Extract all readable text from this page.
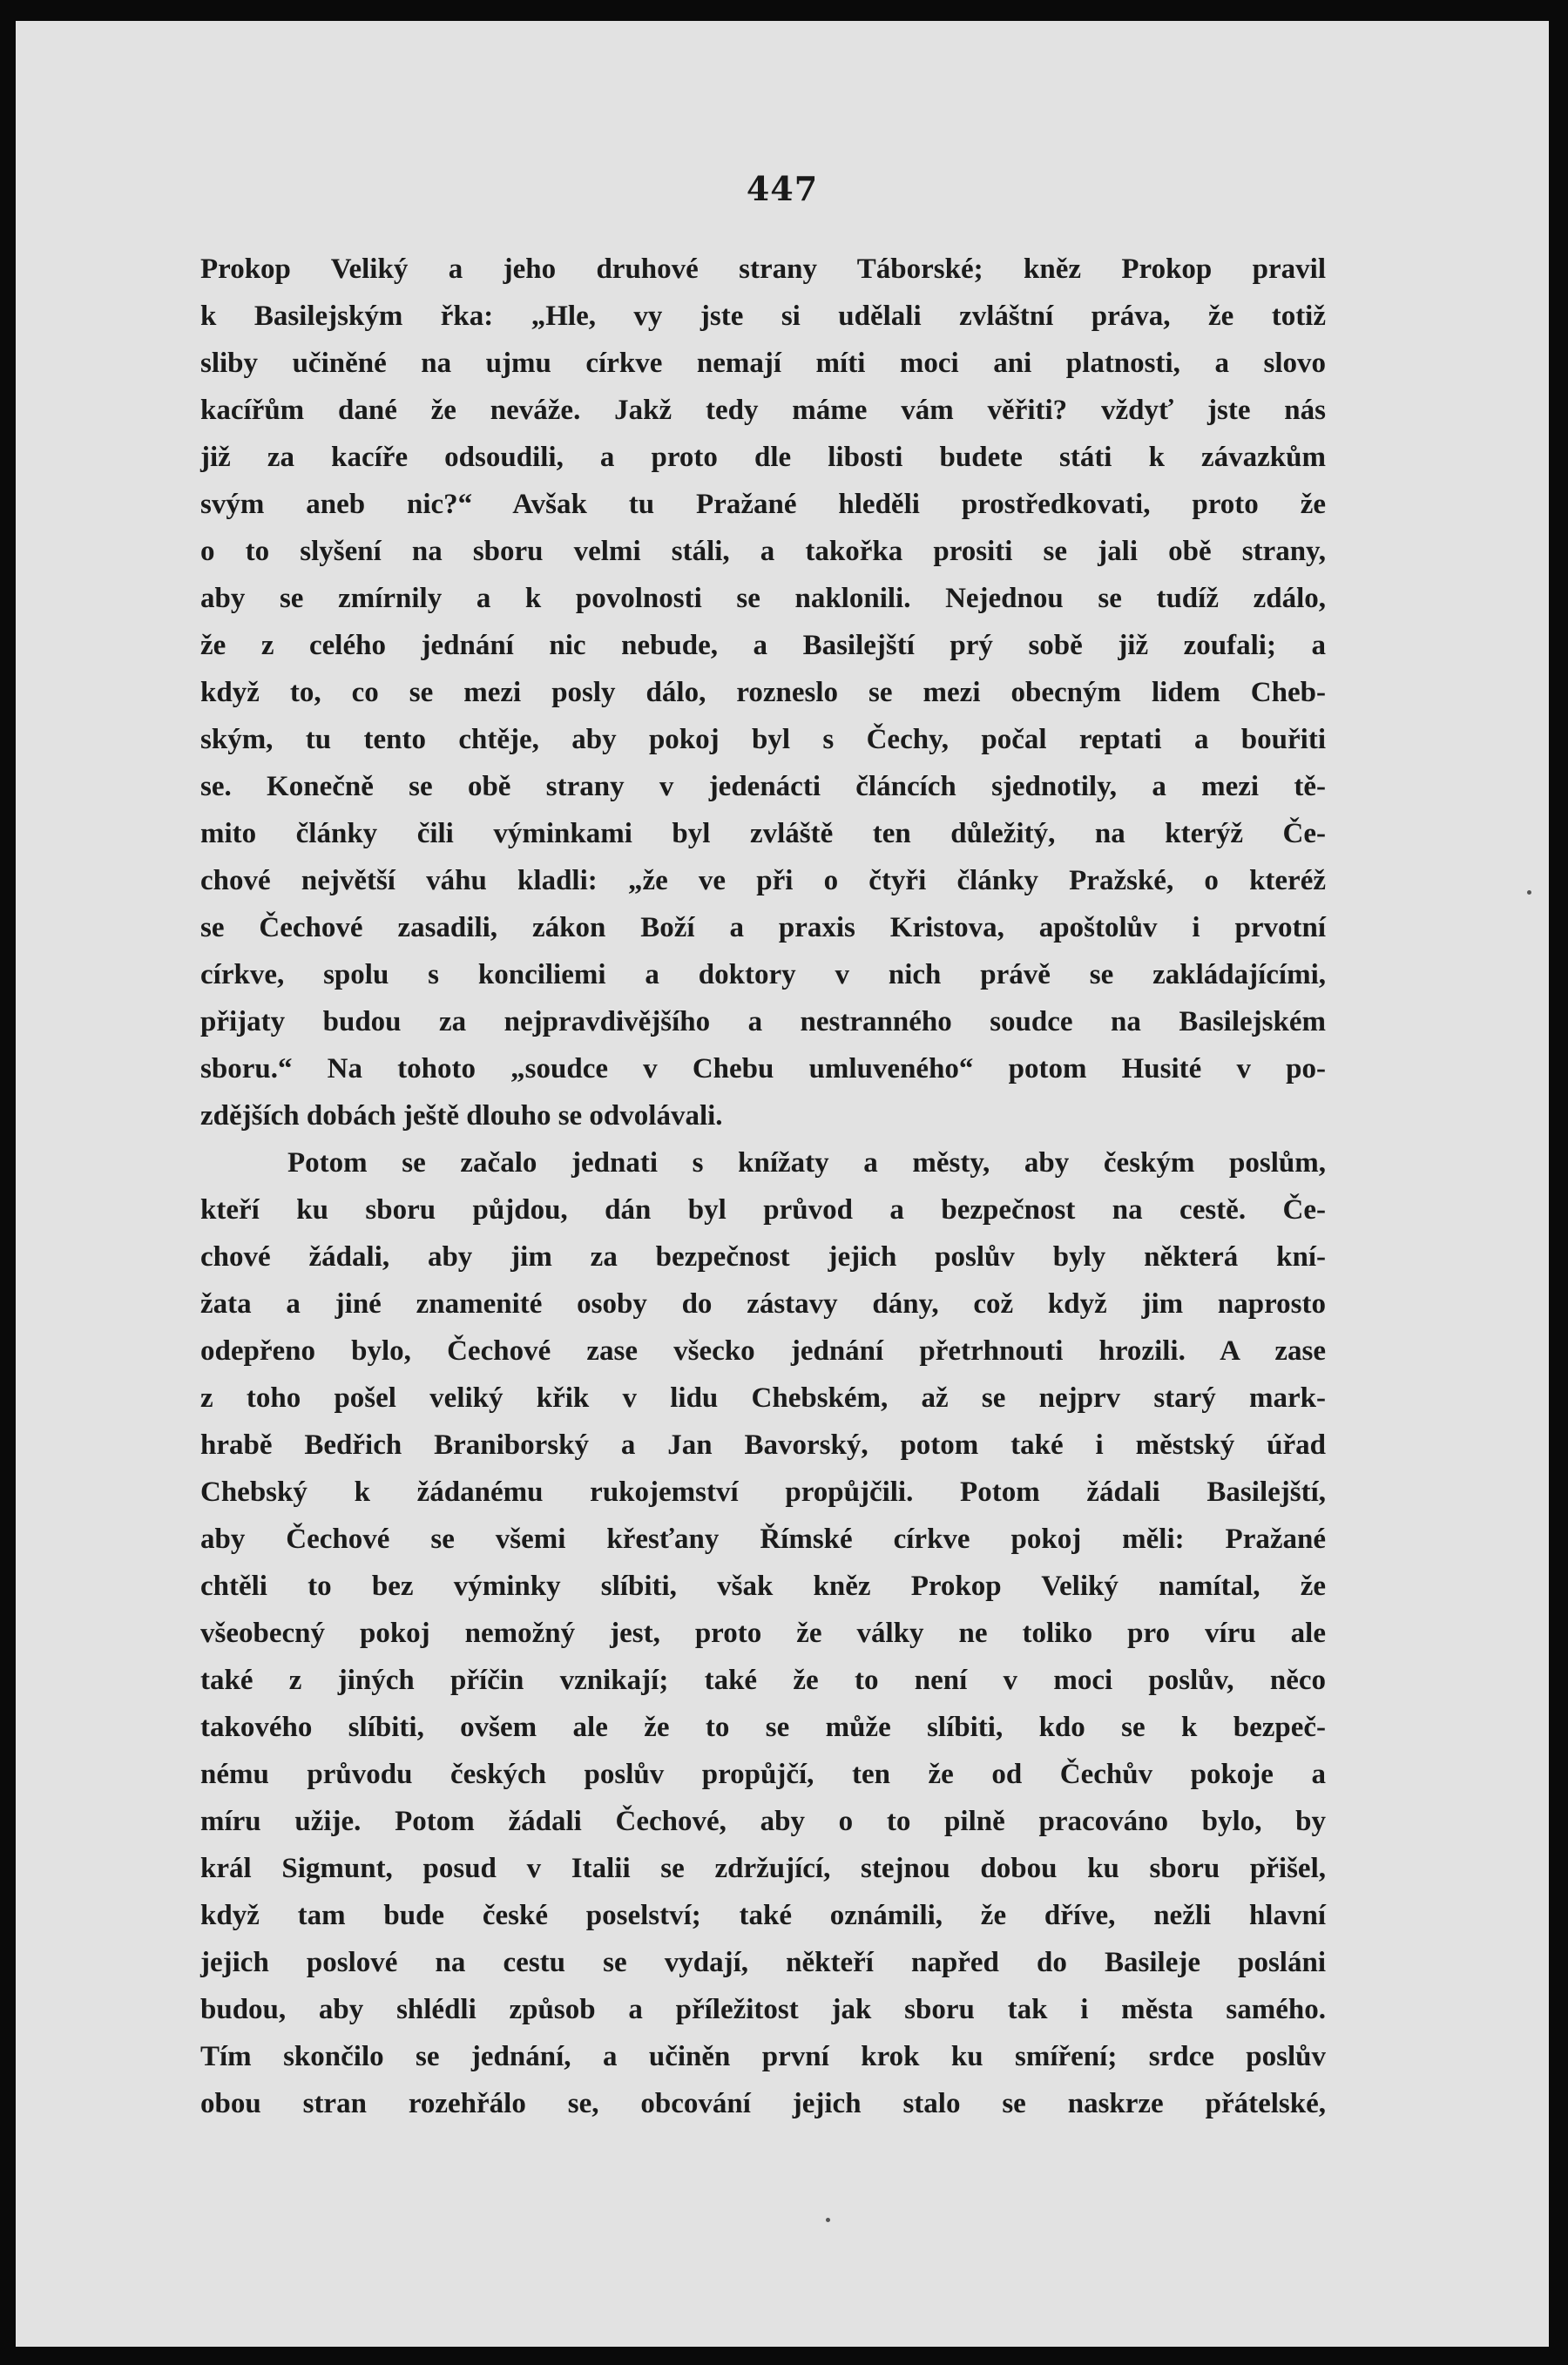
447
Prokop Veliký a jeho druhové strany Táborské; kněz Prokop pravil
k Basilejským řka: „Hle, vy jste si udělali zvláštní práva, že totiž
sliby učiněné na ujmu církve nemají míti moci ani platnosti, a slovo
kacířům dané že neváže. Jakž tedy máme vám věřiti? vždyť jste nás
již za kacíře odsoudili, a proto dle libosti budete státi k závazkům
svým aneb nic?“ Avšak tu Pražané hleděli prostředkovati, proto že
o to slyšení na sboru velmi stáli, a takořka prositi se jali obě strany,
aby se zmírnily a k povolnosti se naklonili. Nejednou se tudíž zdálo,
že z celého jednání nic nebude, a Basilejští prý sobě již zoufali; a
když to, co se mezi posly dálo, rozneslo se mezi obecným lidem Cheb-
ským, tu tento chtěje, aby pokoj byl s Čechy, počal reptati a bouřiti
se. Konečně se obě strany v jedenácti článcích sjednotily, a mezi tě-
mito články čili výminkami byl zvláště ten důležitý, na kterýž Če-
chové největší váhu kladli: „že ve při o čtyři články Pražské, o kteréž
se Čechové zasadili, zákon Boží a praxis Kristova, apoštolův i prvotní
církve, spolu s konciliemi a doktory v nich právě se zakládajícími,
přijaty budou za nejpravdivějšího a nestranného soudce na Basilejském
sboru.“ Na tohoto „soudce v Chebu umluveného“ potom Husité v po-
zdějších dobách ještě dlouho se odvolávali.
Potom se začalo jednati s knížaty a městy, aby českým poslům,
kteří ku sboru půjdou, dán byl průvod a bezpečnost na cestě. Če-
chové žádali, aby jim za bezpečnost jejich poslův byly některá kní-
žata a jiné znamenité osoby do zástavy dány, což když jim naprosto
odepřeno bylo, Čechové zase všecko jednání přetrhnouti hrozili. A zase
z toho pošel veliký křik v lidu Chebském, až se nejprv starý mark-
hrabě Bedřich Braniborský a Jan Bavorský, potom také i městský úřad
Chebský k žádanému rukojemství propůjčili. Potom žádali Basilejští,
aby Čechové se všemi křesťany Římské církve pokoj měli: Pražané
chtěli to bez výminky slíbiti, však kněz Prokop Veliký namítal, že
všeobecný pokoj nemožný jest, proto že války ne toliko pro víru ale
také z jiných příčin vznikají; také že to není v moci poslův, něco
takového slíbiti, ovšem ale že to se může slíbiti, kdo se k bezpeč-
nému průvodu českých poslův propůjčí, ten že od Čechův pokoje a
míru užije. Potom žádali Čechové, aby o to pilně pracováno bylo, by
král Sigmunt, posud v Italii se zdržující, stejnou dobou ku sboru přišel,
když tam bude české poselství; také oznámili, že dříve, nežli hlavní
jejich poslové na cestu se vydají, někteří napřed do Basileje posláni
budou, aby shlédli způsob a příležitost jak sboru tak i města samého.
Tím skončilo se jednání, a učiněn první krok ku smíření; srdce poslův
obou stran rozehřálo se, obcování jejich stalo se naskrze přátelské,
